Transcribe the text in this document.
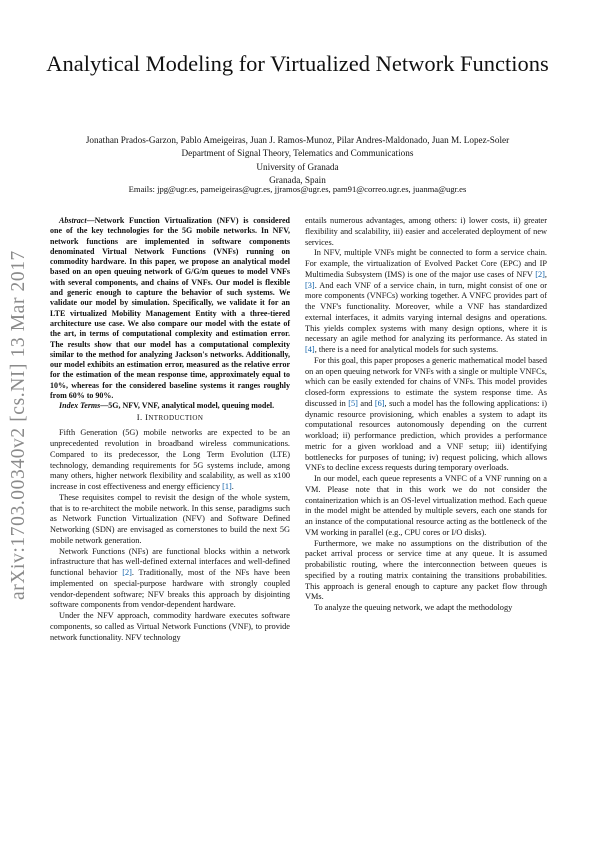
arXiv:1703.00340v2 [cs.NI] 13 Mar 2017
Analytical Modeling for Virtualized Network Functions
Jonathan Prados-Garzon, Pablo Ameigeiras, Juan J. Ramos-Munoz, Pilar Andres-Maldonado, Juan M. Lopez-Soler
Department of Signal Theory, Telematics and Communications
University of Granada
Granada, Spain
Emails: jpg@ugr.es, pameigeiras@ugr.es, jjramos@ugr.es, pam91@correo.ugr.es, juanma@ugr.es

Abstract—Network Function Virtualization (NFV) is considered one of the key technologies for the 5G mobile networks. In NFV, network functions are implemented in software components denominated Virtual Network Functions (VNFs) running on commodity hardware. In this paper, we propose an analytical model based on an open queuing network of G/G/m queues to model VNFs with several components, and chains of VNFs. Our model is flexible and generic enough to capture the behavior of such systems. We validate our model by simulation. Specifically, we validate it for an LTE virtualized Mobility Management Entity with a three-tiered architecture use case. We also compare our model with the estate of the art, in terms of computational complexity and estimation error. The results show that our model has a computational complexity similar to the method for analyzing Jackson's networks. Additionally, our model exhibits an estimation error, measured as the relative error for the estimation of the mean response time, approximately equal to 10%, whereas for the considered baseline systems it ranges roughly from 60% to 90%.

Index Terms—5G, NFV, VNF, analytical model, queuing model.

I. INTRODUCTION

Fifth Generation (5G) mobile networks are expected to be an unprecedented revolution in broadband wireless communications. Compared to its predecessor, the Long Term Evolution (LTE) technology, demanding requirements for 5G systems include, among many others, higher network flexibility and scalability, as well as x100 increase in cost effectiveness and energy efficiency [1].

These requisites compel to revisit the design of the whole system, that is to re-architect the mobile network. In this sense, paradigms such as Network Function Virtualization (NFV) and Software Defined Networking (SDN) are envisaged as cornerstones to build the next 5G mobile network generation.

Network Functions (NFs) are functional blocks within a network infrastructure that has well-defined external interfaces and well-defined functional behavior [2]. Traditionally, most of the NFs have been implemented on special-purpose hardware with strongly coupled vendor-dependent software; NFV breaks this approach by disjointing software components from vendor-dependent hardware.

Under the NFV approach, commodity hardware executes software components, so called as Virtual Network Functions (VNF), to provide network functionality. NFV technology

entails numerous advantages, among others: i) lower costs, ii) greater flexibility and scalability, iii) easier and accelerated deployment of new services.

In NFV, multiple VNFs might be connected to form a service chain. For example, the virtualization of Evolved Packet Core (EPC) and IP Multimedia Subsystem (IMS) is one of the major use cases of NFV [2], [3]. And each VNF of a service chain, in turn, might consist of one or more components (VNFCs) working together. A VNFC provides part of the VNF's functionality. Moreover, while a VNF has standardized external interfaces, it admits varying internal designs and operations. This yields complex systems with many design options, where it is necessary an agile method for analyzing its performance. As stated in [4], there is a need for analytical models for such systems.

For this goal, this paper proposes a generic mathematical model based on an open queuing network for VNFs with a single or multiple VNFCs, which can be easily extended for chains of VNFs. This model provides closed-form expressions to estimate the system response time. As discussed in [5] and [6], such a model has the following applications: i) dynamic resource provisioning, which enables a system to adapt its computational resources autonomously depending on the current workload; ii) performance prediction, which provides a performance metric for a given workload and a VNF setup; iii) identifying bottlenecks for purposes of tuning; iv) request policing, which allows VNFs to decline excess requests during temporary overloads.

In our model, each queue represents a VNFC of a VNF running on a VM. Please note that in this work we do not consider the containerization which is an OS-level virtualization method. Each queue in the model might be attended by multiple severs, each one stands for an instance of the computational resource acting as the bottleneck of the VM working in parallel (e.g., CPU cores or I/O disks).

Furthermore, we make no assumptions on the distribution of the packet arrival process or service time at any queue. It is assumed probabilistic routing, where the interconnection between queues is specified by a routing matrix containing the transitions probabilities. This approach is general enough to capture any packet flow through VMs.

To analyze the queuing network, we adapt the methodology
